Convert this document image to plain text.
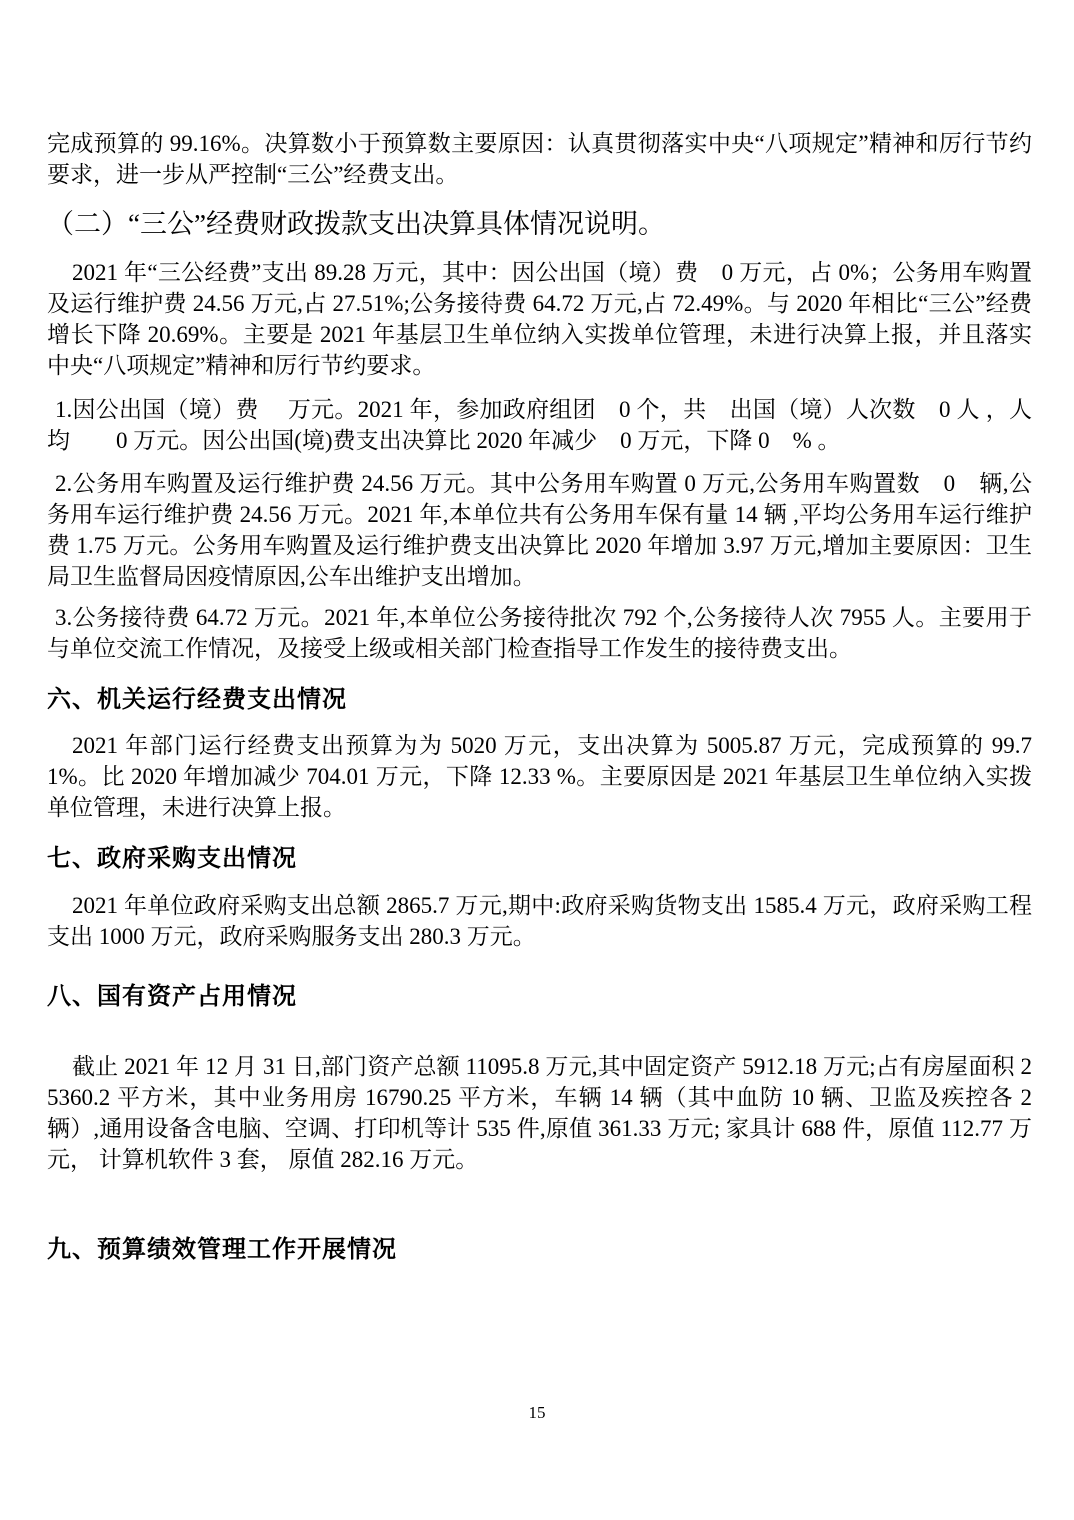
完成预算的 99.16%。决算数小于预算数主要原因：认真贯彻落实中央“八项规定”精神和厉行节约要求，进一步从严控制“三公”经费支出。

（二）“三公”经费财政拨款支出决算具体情况说明。

2021 年“三公经费”支出 89.28 万元，其中：因公出国（境）费　0 万元，占 0%；公务用车购置及运行维护费 24.56 万元,占 27.51%;公务接待费 64.72 万元,占 72.49%。与 2020 年相比“三公”经费增长下降 20.69%。主要是 2021 年基层卫生单位纳入实拨单位管理，未进行决算上报，并且落实中央“八项规定”精神和厉行节约要求。

1.因公出国（境）费　 万元。2021 年，参加政府组团　0 个，共　出国（境）人次数　0 人 ，人均　　0 万元。因公出国(境)费支出决算比 2020 年减少　0 万元，下降 0　% 。

2.公务用车购置及运行维护费 24.56 万元。其中公务用车购置 0 万元,公务用车购置数　0　辆,公务用车运行维护费 24.56 万元。2021 年,本单位共有公务用车保有量 14 辆 ,平均公务用车运行维护费 1.75 万元。公务用车购置及运行维护费支出决算比 2020 年增加 3.97 万元,增加主要原因：卫生局卫生监督局因疫情原因,公车出维护支出增加。

3.公务接待费 64.72 万元。2021 年,本单位公务接待批次 792 个,公务接待人次 7955 人。主要用于与单位交流工作情况，及接受上级或相关部门检查指导工作发生的接待费支出。

六、机关运行经费支出情况

2021 年部门运行经费支出预算为为 5020 万元，支出决算为 5005.87 万元，完成预算的 99.71%。比 2020 年增加减少 704.01 万元，下降 12.33 %。主要原因是 2021 年基层卫生单位纳入实拨单位管理，未进行决算上报。

七、政府采购支出情况

2021 年单位政府采购支出总额 2865.7 万元,期中:政府采购货物支出 1585.4 万元，政府采购工程支出 1000 万元，政府采购服务支出 280.3 万元。

八、国有资产占用情况

截止 2021 年 12 月 31 日,部门资产总额 11095.8 万元,其中固定资产 5912.18 万元;占有房屋面积 25360.2 平方米，其中业务用房 16790.25 平方米，车辆 14 辆（其中血防 10 辆、卫监及疾控各 2 辆）,通用设备含电脑、空调、打印机等计 535 件,原值 361.33 万元; 家具计 688 件，原值 112.77 万元， 计算机软件 3 套， 原值 282.16 万元。

九、预算绩效管理工作开展情况
15
